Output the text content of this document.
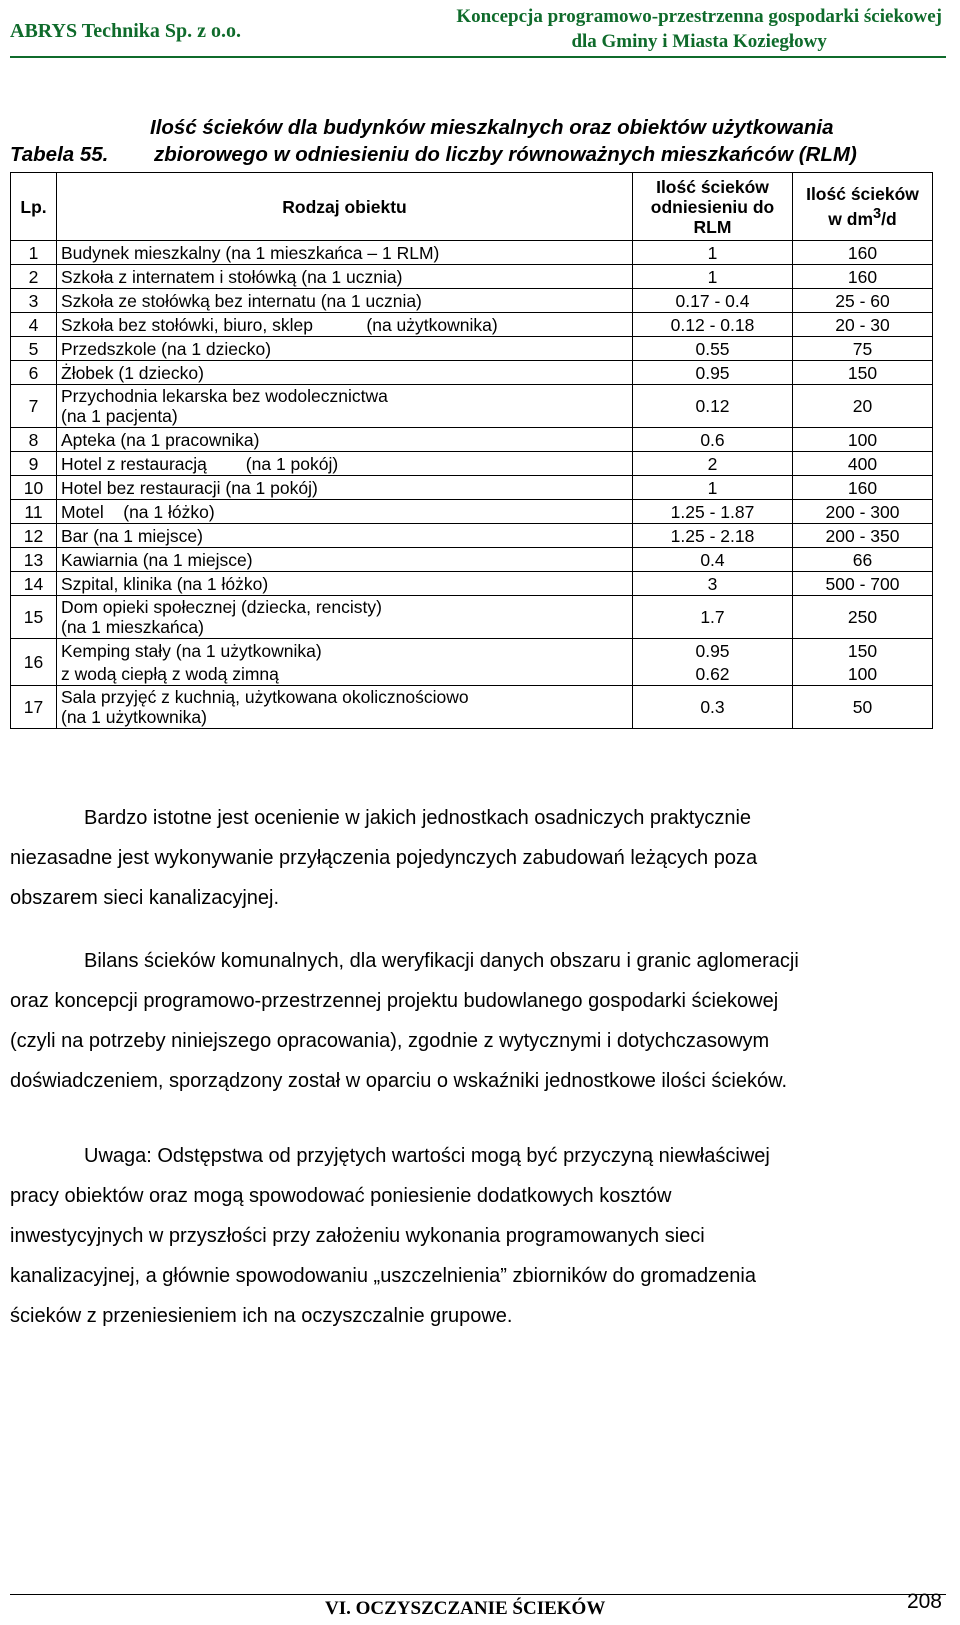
ABRYS Technika Sp. z o.o.
Koncepcja programowo-przestrzenna gospodarki ściekowej
dla Gminy i Miasta Koziegłowy
Tabela 55.
Ilość ścieków dla budynków mieszkalnych oraz obiektów użytkowania
zbiorowego w odniesieniu do liczby równoważnych mieszkańców (RLM)
Lp.	Rodzaj obiektu	Ilość ścieków odniesieniu do RLM	Ilość ścieków w $dm^3/d$
1	Budynek mieszkalny (na 1 mieszkańca – 1 RLM)	1	160
2	Szkoła z internatem i stołówką (na 1 ucznia)	1	160
3	Szkoła ze stołówką bez internatu (na 1 ucznia)	0.17 - 0.4	25 - 60
4	Szkoła bez stołówki, biuro, sklep           (na użytkownika)	0.12 - 0.18	20 - 30
5	Przedszkole (na 1 dziecko)	0.55	75
6	Żłobek (1 dziecko)	0.95	150
7	Przychodnia lekarska bez wodolecznictwa
(na 1 pacjenta)	0.12	20
8	Apteka (na 1 pracownika)	0.6	100
9	Hotel z restauracją        (na 1 pokój)	2	400
10	Hotel bez restauracji (na 1 pokój)	1	160
11	Motel    (na 1 łóżko)	1.25 - 1.87	200 - 300
12	Bar (na 1 miejsce)	1.25 - 2.18	200 - 350
13	Kawiarnia (na 1 miejsce)	0.4	66
14	Szpital, klinika (na 1 łóżko)	3	500 - 700
15	Dom opieki społecznej (dziecka, rencisty)
(na 1 mieszkańca)	1.7	250
16	Kemping stały (na 1 użytkownika)	0.95	150
	z wodą ciepłą z wodą zimną	0.62	100
17	Sala przyjęć z kuchnią, użytkowana okolicznościowo
(na 1 użytkownika)	0.3	50
Bardzo istotne jest ocenienie w jakich jednostkach osadniczych praktycznie
niezasadne jest wykonywanie przyłączenia pojedynczych zabudowań leżących poza
obszarem sieci kanalizacyjnej.
Bilans ścieków komunalnych, dla weryfikacji danych obszaru i granic aglomeracji
oraz koncepcji programowo-przestrzennej projektu budowlanego gospodarki ściekowej
(czyli na potrzeby niniejszego opracowania), zgodnie z wytycznymi i dotychczasowym
doświadczeniem, sporządzony został w oparciu o wskaźniki jednostkowe ilości ścieków.
Uwaga: Odstępstwa od przyjętych wartości mogą być przyczyną niewłaściwej
pracy obiektów oraz mogą spowodować poniesienie dodatkowych kosztów
inwestycyjnych w przyszłości przy założeniu wykonania programowanych sieci
kanalizacyjnej, a głównie spowodowaniu „uszczelnienia” zbiorników do gromadzenia
ścieków z przeniesieniem ich na oczyszczalnie grupowe.
VI. OCZYSZCZANIE ŚCIEKÓW	208
